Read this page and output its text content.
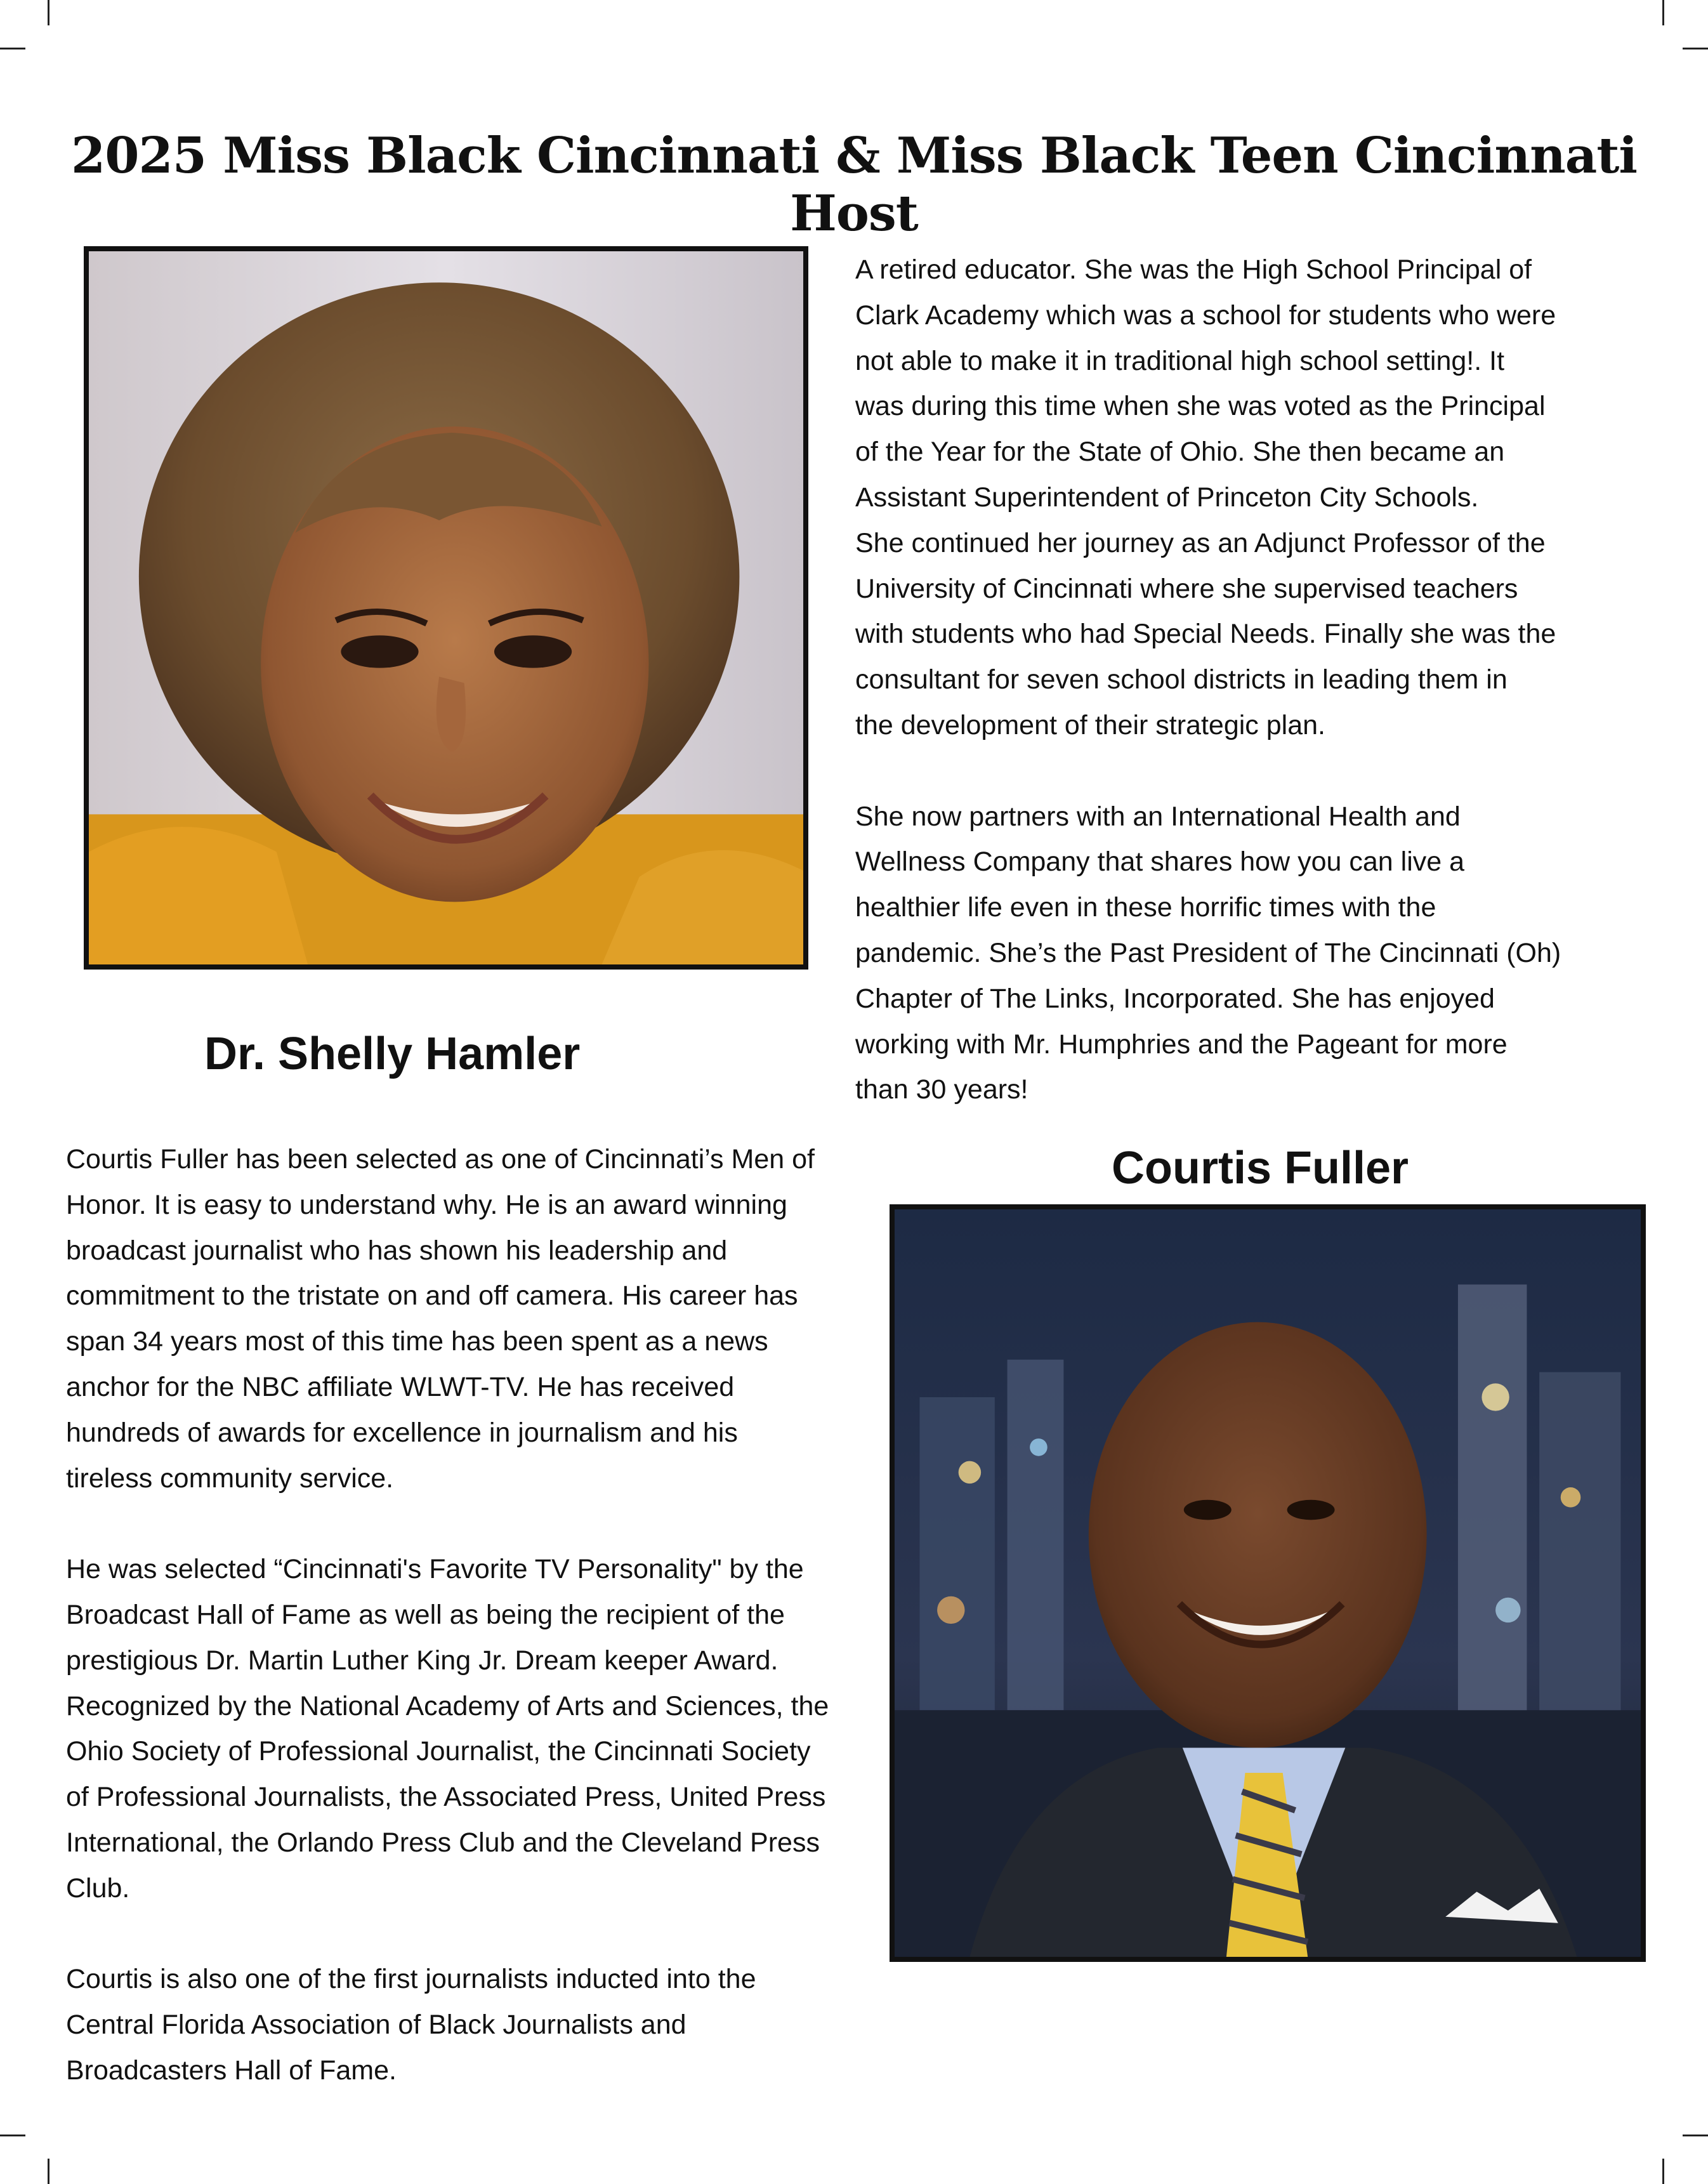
2025 Miss Black Cincinnati & Miss Black Teen Cincinnati Host
Dr. Shelly Hamler

A retired educator. She was the High School Principal of

Clark Academy which was a school for students who were

not able to make it in traditional high school setting!. It

was during this time when she was voted as the Principal

of the Year for the State of Ohio. She then became an

Assistant Superintendent of Princeton City Schools.

She continued her journey as an Adjunct Professor of the

University of Cincinnati where she supervised teachers

with students who had Special Needs. Finally she was the

consultant for seven school districts in leading them in

the development of their strategic plan.

She now partners with an International Health and

Wellness Company that shares how you can live a

healthier life even in these horrific times with the

pandemic. She’s the Past President of The Cincinnati (Oh)

Chapter of The Links, Incorporated. She has enjoyed

working with Mr. Humphries and the Pageant for more

than 30 years!

Courtis Fuller has been selected as one of Cincinnati’s Men of

Honor. It is easy to understand why. He is an award winning

broadcast journalist who has shown his leadership and

commitment to the tristate on and off camera. His career has

span 34 years most of this time has been spent as a news

anchor for the NBC affiliate WLWT-TV. He has received

hundreds of awards for excellence in journalism and his

tireless community service.

He was selected “Cincinnati's Favorite TV Personality" by the

Broadcast Hall of Fame as well as being the recipient of the

prestigious Dr. Martin Luther King Jr. Dream keeper Award.

Recognized by the National Academy of Arts and Sciences, the

Ohio Society of Professional Journalist, the Cincinnati Society

of Professional Journalists, the Associated Press, United Press

International, the Orlando Press Club and the Cleveland Press

Club.

Courtis is also one of the first journalists inducted into the

Central Florida Association of Black Journalists and

Broadcasters Hall of Fame.

Courtis Fuller
